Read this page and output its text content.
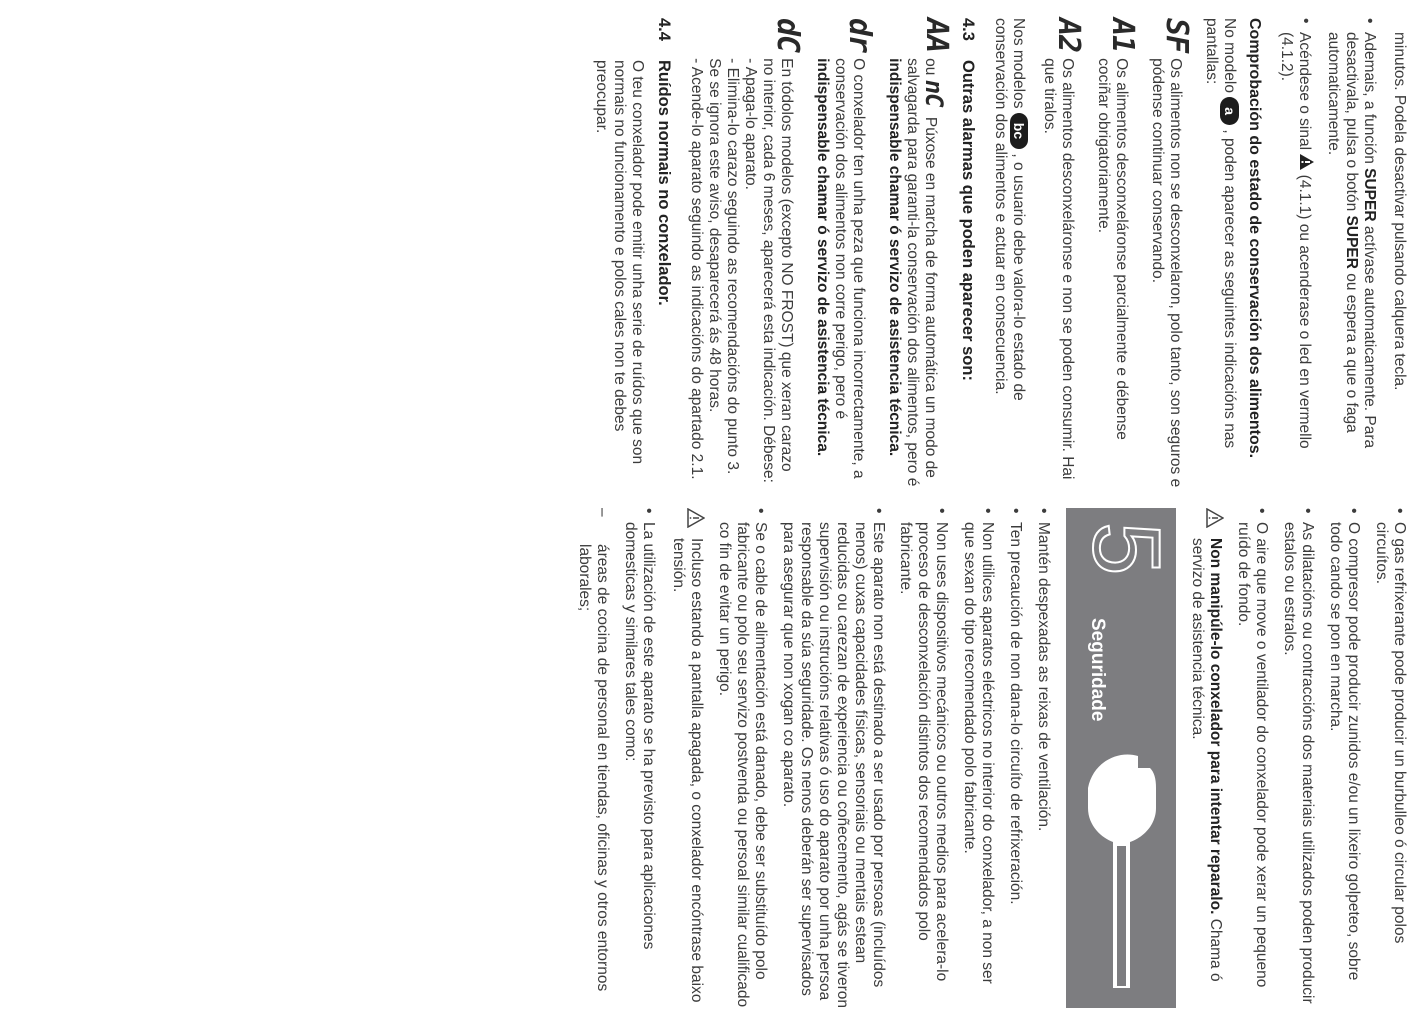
minutos. Podela desactivar pulsando calquera tecla.

• Ademais, a función SUPER actívase automaticamente. Para desactivala, pulsa o botón SUPER ou espera a que o faga automaticamente.
• Acéndese o sinal  (4.1.1) ou acenderase o led en vermello (4.1.2).
Comprobación do estado de conservación dos alimentos.

No modelo a , poden aparecer as seguintes indicacións nas pantallas:

SF
Os alimentos non se desconxelaron, polo tanto, son seguros e pódense continuar conservando.
A1
Os alimentos desconxeláronse parcialmente e débense cociñar obrigatoriamente.
A2
Os alimentos desconxeláronse e non se poden consumir. Hai que tiralos.

Nos modelos bc , o usuario debe valora-lo estado de conservación dos alimentos e actuar en consecuencia.

4.3Outras alarmas que poden aparecer son:
AA
ou nC Púxose en marcha de forma automática un modo de salvagarda para garanti-la conservación dos alimentos, pero é indispensable chamar ó servizo de asistencia técnica.
dr
O conxelador ten unha peza que funciona incorrectamente, a conservación dos alimentos non corre perigo, pero é indispensable chamar ó servizo de asistencia técnica.
dC
En tódolos modelos (excepto NO FROST) que xeran carazo no interior, cada 6 meses, aparecerá esta indicación. Débese:
- Apaga-lo aparato.
- Elimina-lo carazo seguindo as recomendacións do punto 3.
Se se ignora este aviso, desaparecerá ás 48 horas.
- Acende-lo aparato seguindo as indicacións do apartado 2.1.
4.4Ruídos normais no conxelador.

O teu conxelador pode emitir unha serie de ruídos que son normais no funcionamento e polos cales non te debes preocupar.

• O gas refrixerante pode producir un burbulleo ó circular polos circuítos.
• O compresor pode producir zunidos e/ou un lixeiro golpeteo, sobre todo cando se pon en marcha.
• As dilatacións ou contraccións dos materiais utilizados poden producir estalos ou estralos.
• O aire que move o ventilador do conxelador pode xerar un pequeno ruído de fondo.
Non manipúle-lo conxelador para intentar reparalo. Chama ó servizo de asistencia técnica.
5
Seguridade
• Mantén despexadas as reixas de ventilación.
• Ten precaución de non dana-lo circuíto de refrixeración.
• Non utilices aparatos eléctricos no interior do conxelador, a non ser que sexan do tipo recomendado polo fabricante.
• Non uses dispositivos mecánicos ou outros medios para acelera-lo proceso de desconxelación distintos dos recomendados polo fabricante.
• Este aparato non está destinado a ser usado por persoas (incluídos nenos) cuxas capacidades físicas, sensoriais ou mentais estean reducidas ou carezan de experiencia ou coñecemento, agás se tiveron supervisión ou instrucións relativas ó uso do aparato por unha persoa responsable da súa seguridade. Os nenos deberán ser supervisados para asegurar que non xogan co aparato.
• Se o cable de alimentación está danado, debe ser substituído polo fabricante ou polo seu servizo postvenda ou persoal similar cualificado co fin de evitar un perigo.
Incluso estando a pantalla apagada, o conxelador encóntrase baixo tensión.
• La utilización de este aparato se ha previsto para aplicaciones domesticas y similares tales como:
– áreas de cocina de personal en tiendas, oficinas y otros entornos laborales;
